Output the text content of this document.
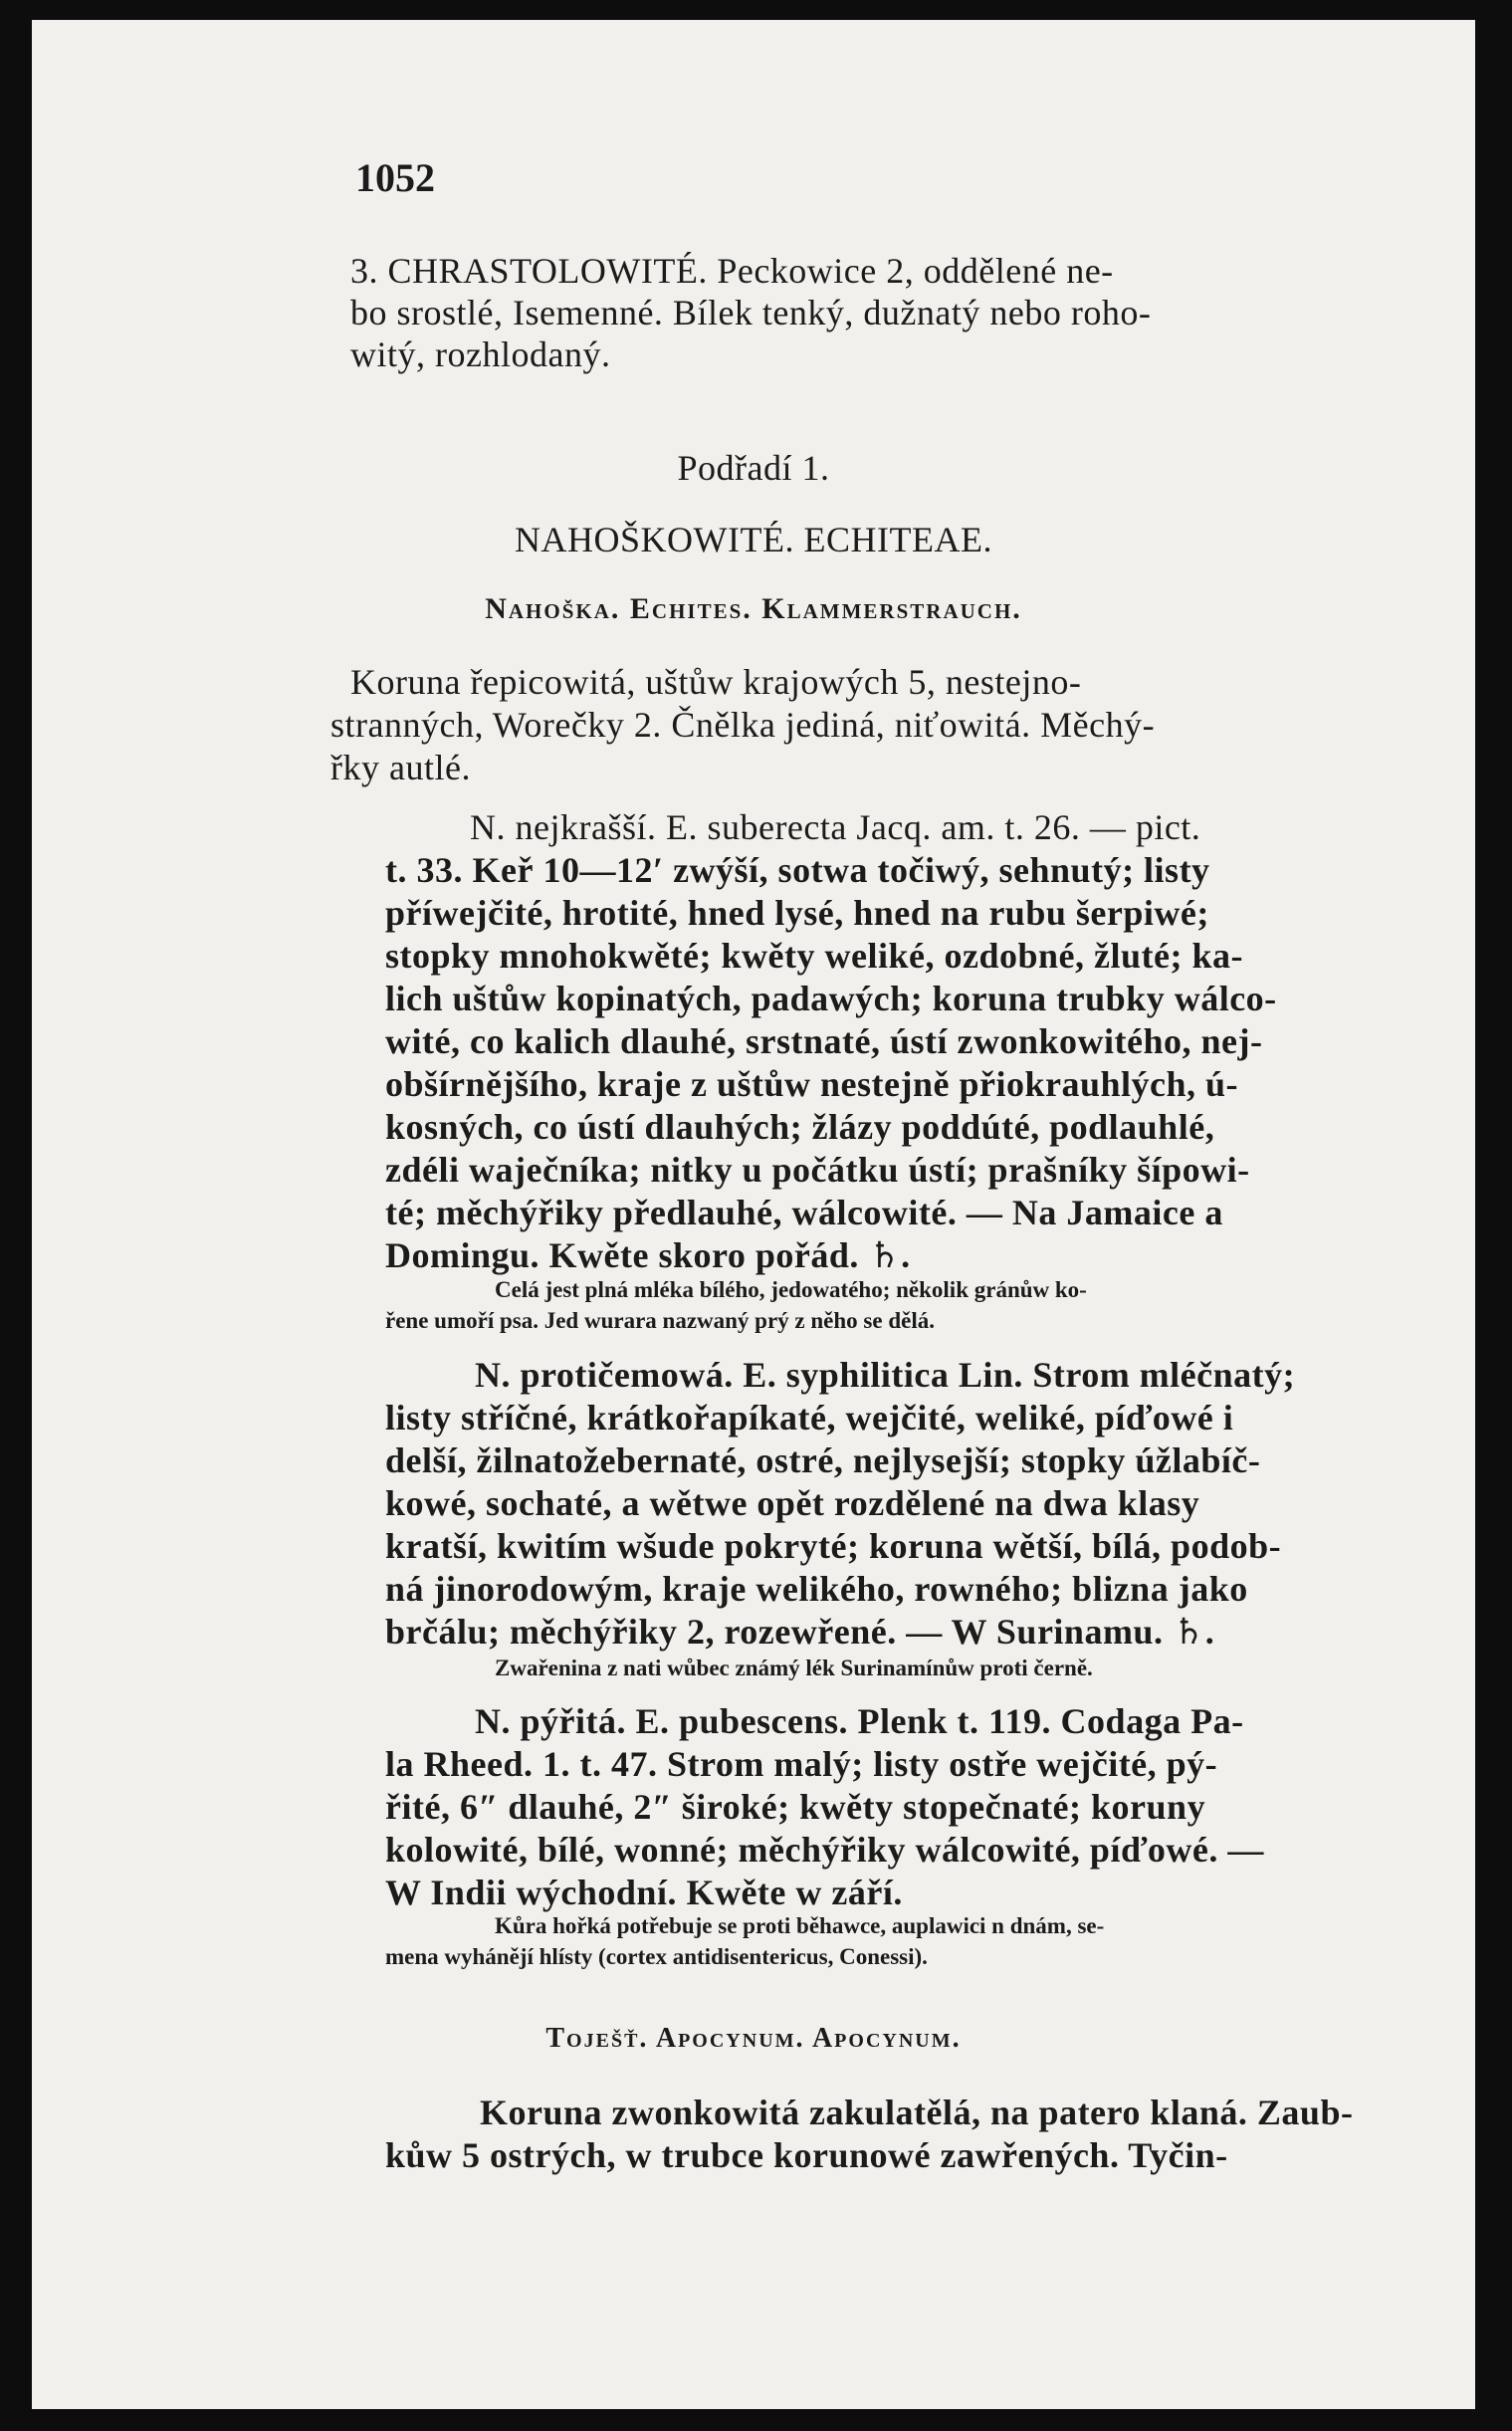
1052
3. CHRASTOLOWITÉ. Peckowice 2, oddělené ne-
bo srostlé, Isemenné. Bílek tenký, dužnatý nebo roho-
witý, rozhlodaný.
Podřadí 1.
NAHOŠKOWITÉ. ECHITEAE.
Nahoška. Echites. Klammerstrauch.
Koruna řepicowitá, uštůw krajowých 5, nestejno-
stranných, Worečky 2. Čnělka jediná, niťowitá. Měchý-
řky autlé.
N. nejkrašší. E. suberecta Jacq. am. t. 26. — pict.
t. 33. Keř 10—12′ zwýší, sotwa točiwý, sehnutý; listy
příwejčité, hrotité, hned lysé, hned na rubu šerpiwé;
stopky mnohokwěté; kwěty weliké, ozdobné, žluté; ka-
lich uštůw kopinatých, padawých; koruna trubky wálco-
wité, co kalich dlauhé, srstnaté, ústí zwonkowitého, nej-
obšírnějšího, kraje z uštůw nestejně přiokrauhlých, ú-
kosných, co ústí dlauhých; žlázy poddúté, podlauhlé,
zdéli waječníka; nitky u počátku ústí; prašníky šípowi-
té; měchýřiky předlauhé, wálcowité. — Na Jamaice a
Domingu. Kwěte skoro pořád. ♄.
Celá jest plná mléka bílého, jedowatého; několik gránůw ko-
řene umoří psa. Jed wurara nazwaný prý z něho se dělá.
N. protičemowá. E. syphilitica Lin. Strom mléčnatý;
listy stříčné, krátkořapíkaté, wejčité, weliké, píďowé i
delší, žilnatožebernaté, ostré, nejlysejší; stopky úžlabíč-
kowé, sochaté, a wětwe opět rozdělené na dwa klasy
kratší, kwitím wšude pokryté; koruna wětší, bílá, podob-
ná jinorodowým, kraje welikého, rowného; blizna jako
brčálu; měchýřiky 2, rozewřené. — W Surinamu. ♄.
Zwařenina z nati wůbec známý lék Surinamínůw proti černě.
N. pýřitá. E. pubescens. Plenk t. 119. Codaga Pa-
la Rheed. 1. t. 47. Strom malý; listy ostře wejčité, pý-
řité, 6″ dlauhé, 2″ široké; kwěty stopečnaté; koruny
kolowité, bílé, wonné; měchýřiky wálcowité, píďowé. —
W Indii wýchodní. Kwěte w září.
Kůra hořká potřebuje se proti běhawce, auplawici n dnám, se-
mena wyhánějí hlísty (cortex antidisentericus, Conessi).
Toješť. Apocynum. Apocynum.
Koruna zwonkowitá zakulatělá, na patero klaná. Zaub-
kůw 5 ostrých, w trubce korunowé zawřených. Tyčin-
